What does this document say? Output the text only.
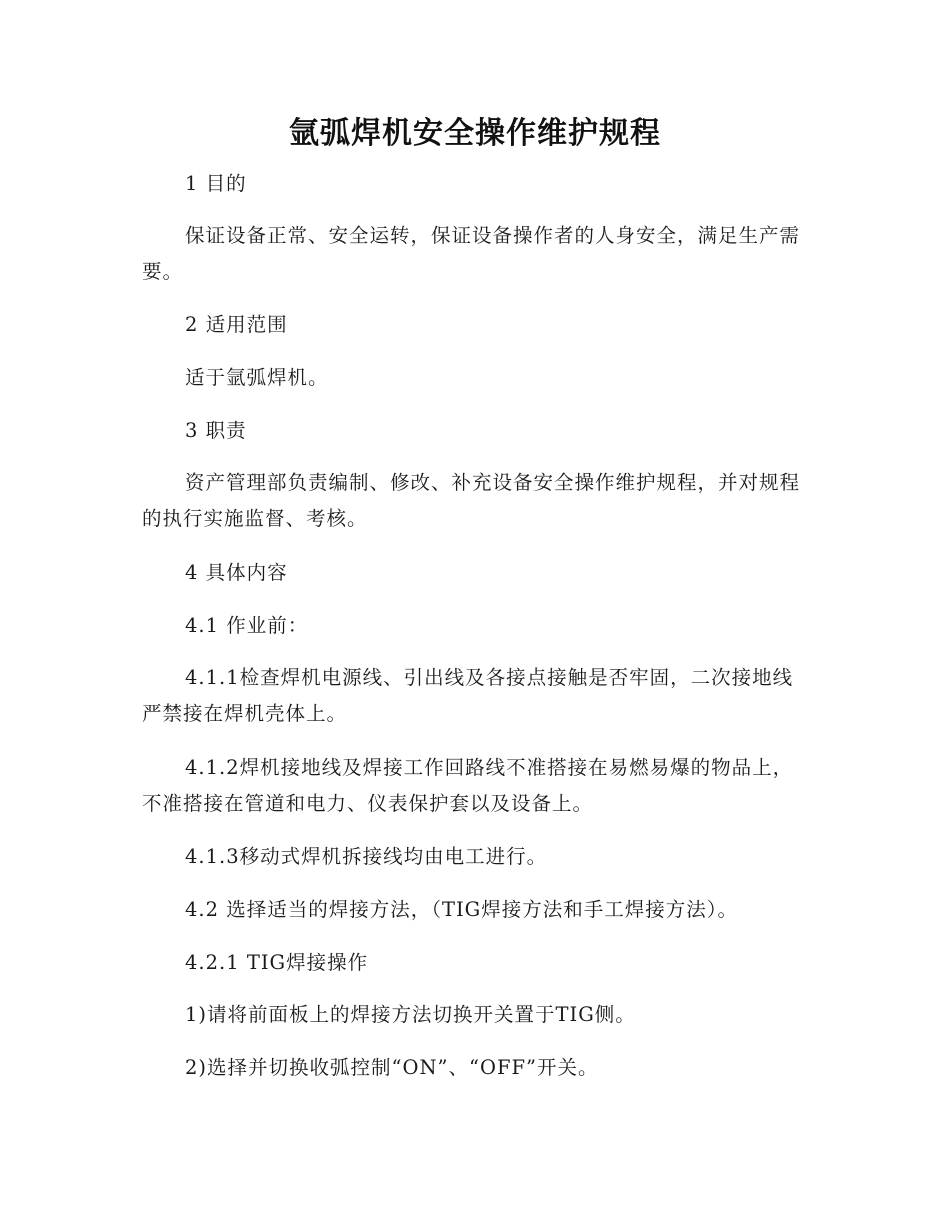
氩弧焊机安全操作维护规程
1 目的
保证设备正常、安全运转，保证设备操作者的人身安全，满足生产需要。
2 适用范围
适于氩弧焊机。
3 职责
资产管理部负责编制、修改、补充设备安全操作维护规程，并对规程的执行实施监督、考核。
4 具体内容
4.1 作业前：
4.1.1检查焊机电源线、引出线及各接点接触是否牢固，二次接地线严禁接在焊机壳体上。
4.1.2焊机接地线及焊接工作回路线不准搭接在易燃易爆的物品上，不准搭接在管道和电力、仪表保护套以及设备上。
4.1.3移动式焊机拆接线均由电工进行。
4.2 选择适当的焊接方法，（TIG焊接方法和手工焊接方法）。
4.2.1 TIG焊接操作
1)请将前面板上的焊接方法切换开关置于TIG侧。
2)选择并切换收弧控制“ON”、“OFF”开关。
